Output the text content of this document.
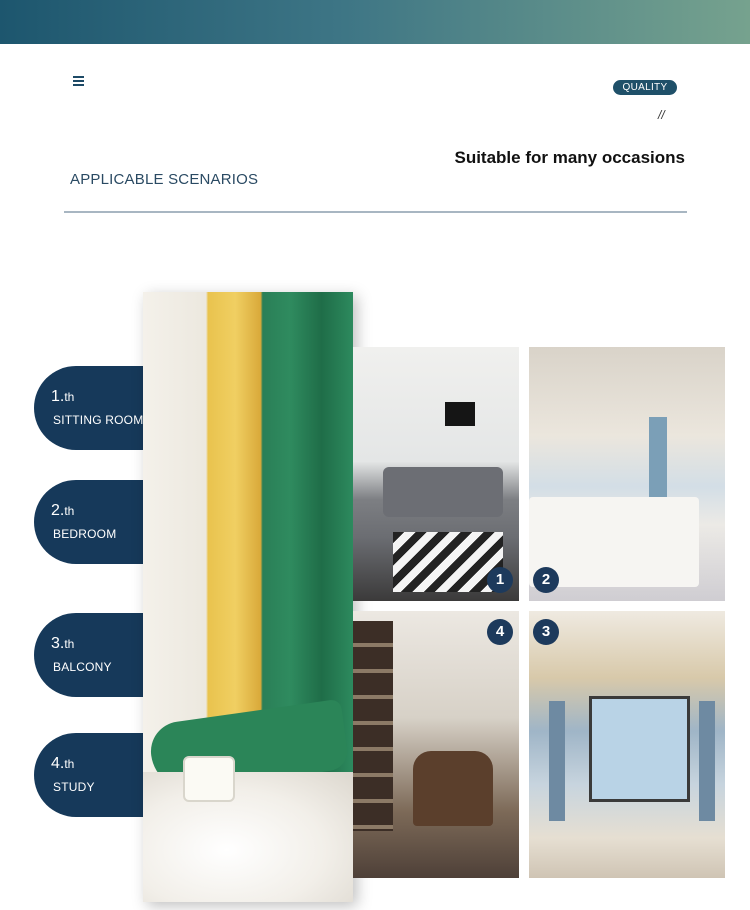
QUALITY
//
Suitable for many occasions
APPLICABLE SCENARIOS
1.th
SITTING ROOM
2.th
BEDROOM
3.th
BALCONY
4.th
STUDY
1	2
4	3
